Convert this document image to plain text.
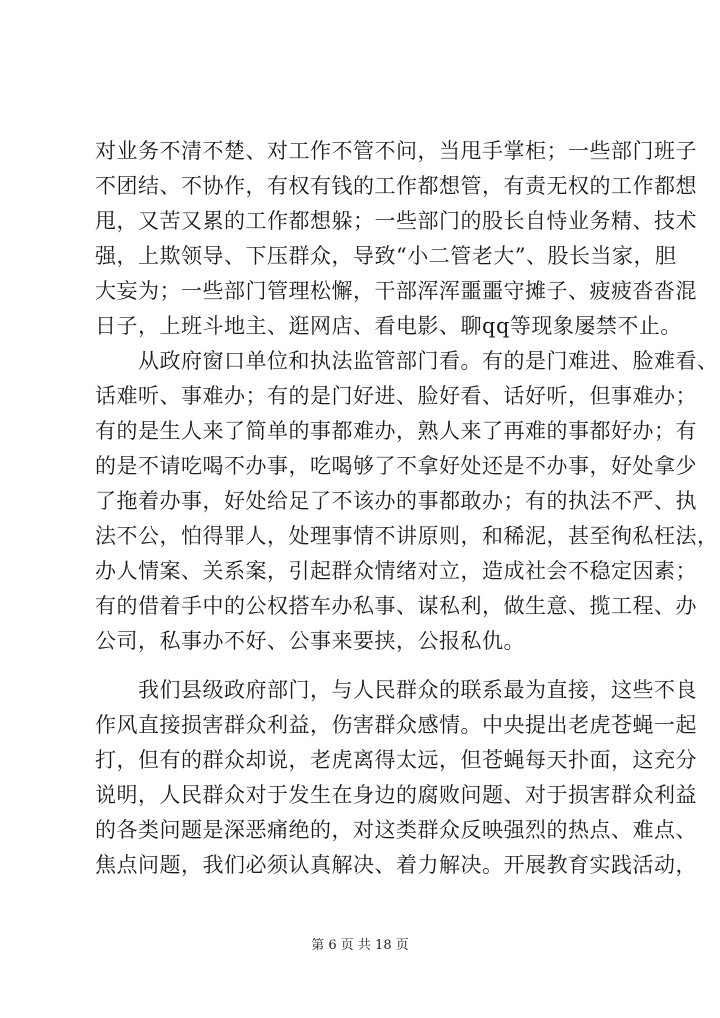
对业务不清不楚、对工作不管不问，当甩手掌柜；一些部门班子
不团结、不协作，有权有钱的工作都想管，有责无权的工作都想
甩，又苦又累的工作都想躲；一些部门的股长自恃业务精、技术
强，上欺领导、下压群众，导致“小二管老大”、股长当家，胆
大妄为；一些部门管理松懈，干部浑浑噩噩守摊子、疲疲沓沓混
日子，上班斗地主、逛网店、看电影、聊qq等现象屡禁不止。
　　从政府窗口单位和执法监管部门看。有的是门难进、脸难看、
话难听、事难办；有的是门好进、脸好看、话好听，但事难办；
有的是生人来了简单的事都难办，熟人来了再难的事都好办；有
的是不请吃喝不办事，吃喝够了不拿好处还是不办事，好处拿少
了拖着办事，好处给足了不该办的事都敢办；有的执法不严、执
法不公，怕得罪人，处理事情不讲原则，和稀泥，甚至徇私枉法，
办人情案、关系案，引起群众情绪对立，造成社会不稳定因素；
有的借着手中的公权搭车办私事、谋私利，做生意、揽工程、办
公司，私事办不好、公事来要挟，公报私仇。
　　我们县级政府部门，与人民群众的联系最为直接，这些不良
作风直接损害群众利益，伤害群众感情。中央提出老虎苍蝇一起
打，但有的群众却说，老虎离得太远，但苍蝇每天扑面，这充分
说明，人民群众对于发生在身边的腐败问题、对于损害群众利益
的各类问题是深恶痛绝的，对这类群众反映强烈的热点、难点、
焦点问题，我们必须认真解决、着力解决。开展教育实践活动，
第 6 页 共 18 页
